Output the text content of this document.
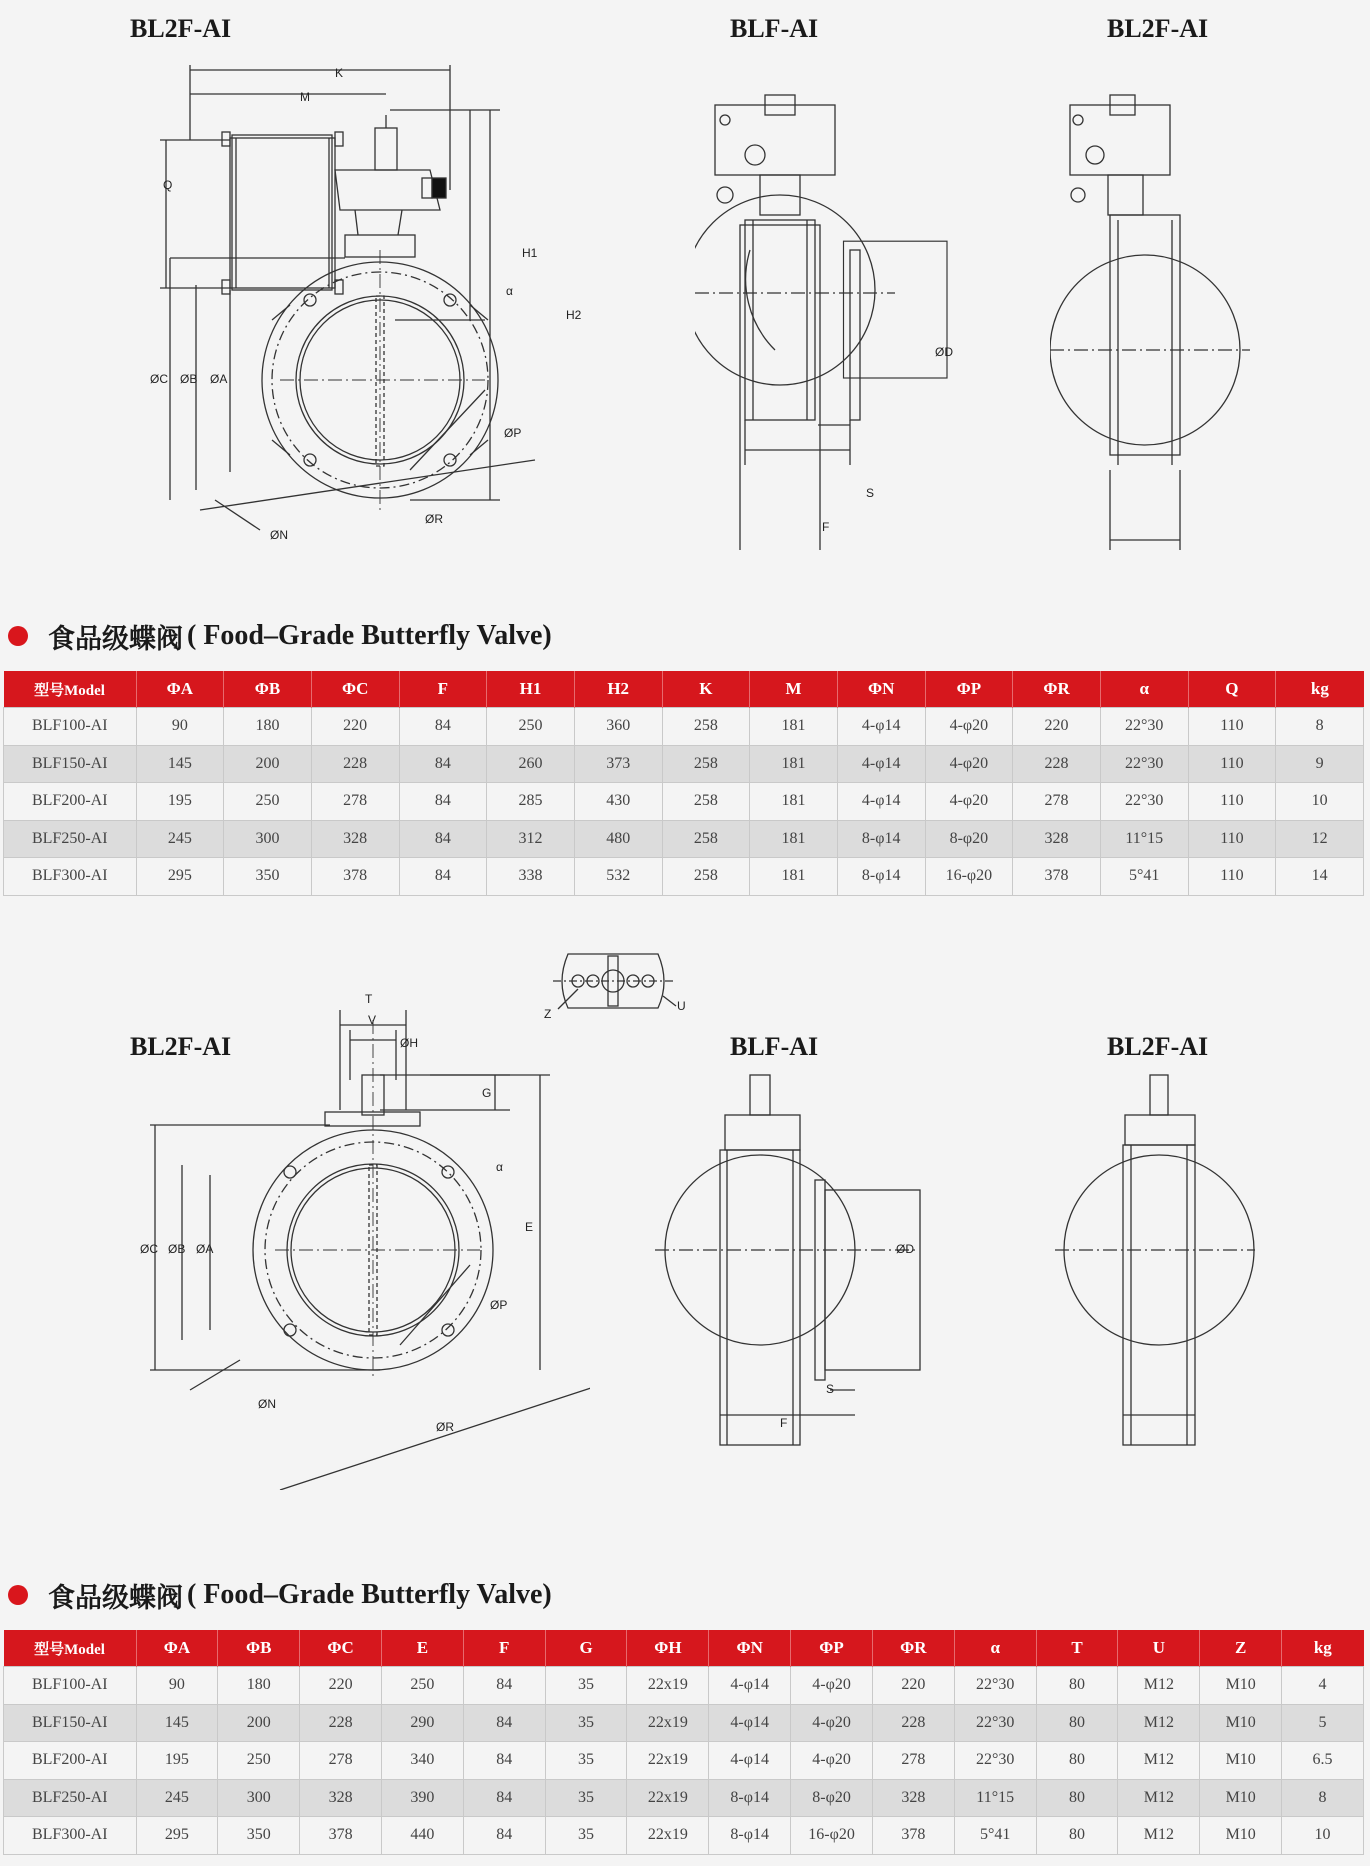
BL2F-AI	BLF-AI	BL2F-AI
K
M
Q
H1
H2
ØC ØB ØA
α
ØP
ØN
ØR
F
S
ØD
食品级蝶阀 ( Food–Grade Butterfly Valve)
型号Model	ΦA	ΦB	ΦC	F	H1	H2	K	M	ΦN	ΦP	ΦR	α	Q	kg
BLF100-AI	90	180	220	84	250	360	258	181	4-φ14	4-φ20	220	22°30	110	8
BLF150-AI	145	200	228	84	260	373	258	181	4-φ14	4-φ20	228	22°30	110	9
BLF200-AI	195	250	278	84	285	430	258	181	4-φ14	4-φ20	278	22°30	110	10
BLF250-AI	245	300	328	84	312	480	258	181	8-φ14	8-φ20	328	11°15	110	12
BLF300-AI	295	350	378	84	338	532	258	181	8-φ14	16-φ20	378	5°41	110	14
Z
U
BL2F-AI	BLF-AI	BL2F-AI
T
V
ØH
G
E
ØC ØB ØA
α
ØP
ØN
ØR	F
S
ØD
食品级蝶阀 ( Food–Grade Butterfly Valve)
型号Model	ΦA	ΦB	ΦC	E	F	G	ΦH	ΦN	ΦP	ΦR	α	T	U	Z	kg
BLF100-AI	90	180	220	250	84	35	22x19	4-φ14	4-φ20	220	22°30	80	M12	M10	4
BLF150-AI	145	200	228	290	84	35	22x19	4-φ14	4-φ20	228	22°30	80	M12	M10	5
BLF200-AI	195	250	278	340	84	35	22x19	4-φ14	4-φ20	278	22°30	80	M12	M10	6.5
BLF250-AI	245	300	328	390	84	35	22x19	8-φ14	8-φ20	328	11°15	80	M12	M10	8
BLF300-AI	295	350	378	440	84	35	22x19	8-φ14	16-φ20	378	5°41	80	M12	M10	10
